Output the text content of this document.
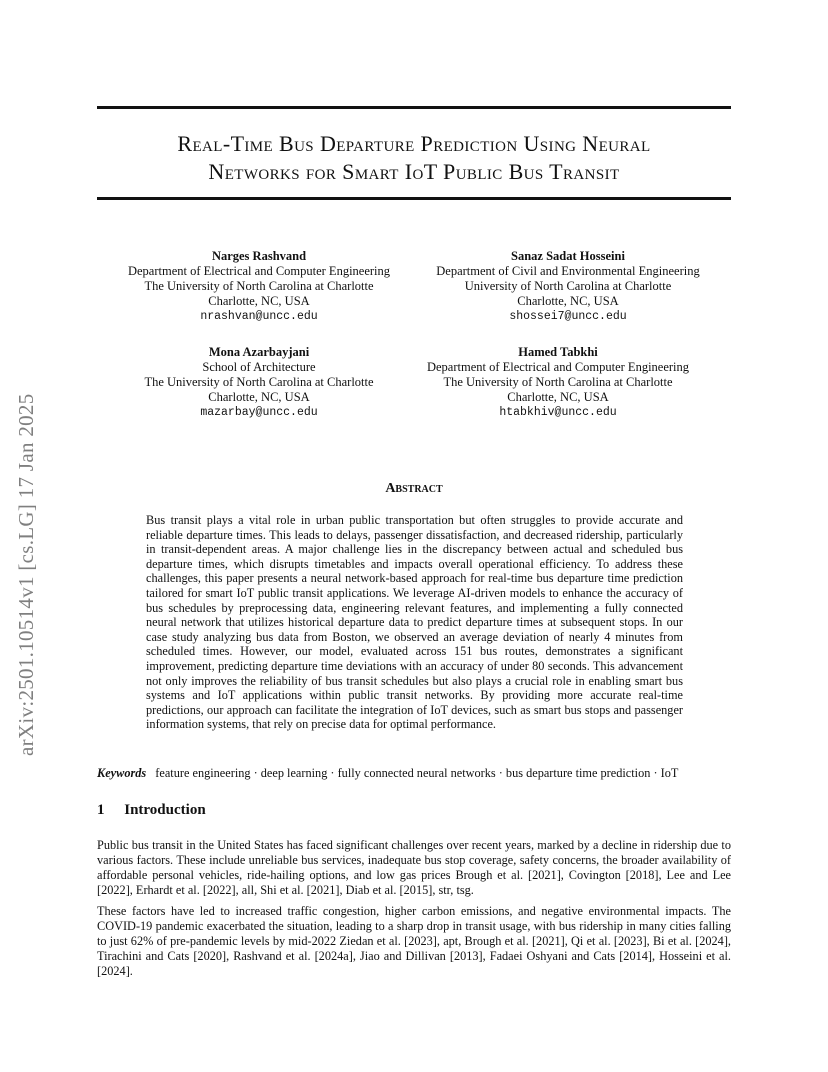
arXiv:2501.10514v1 [cs.LG] 17 Jan 2025
Real-Time Bus Departure Prediction Using Neural
Networks for Smart IoT Public Bus Transit
Narges Rashvand
Department of Electrical and Computer Engineering
The University of North Carolina at Charlotte
Charlotte, NC, USA
nrashvan@uncc.edu
Sanaz Sadat Hosseini
Department of Civil and Environmental Engineering
University of North Carolina at Charlotte
Charlotte, NC, USA
shossei7@uncc.edu
Mona Azarbayjani
School of Architecture
The University of North Carolina at Charlotte
Charlotte, NC, USA
mazarbay@uncc.edu
Hamed Tabkhi
Department of Electrical and Computer Engineering
The University of North Carolina at Charlotte
Charlotte, NC, USA
htabkhiv@uncc.edu
Abstract
Bus transit plays a vital role in urban public transportation but often struggles to provide accurate and reliable departure times. This leads to delays, passenger dissatisfaction, and decreased ridership, particularly in transit-dependent areas. A major challenge lies in the discrepancy between actual and scheduled bus departure times, which disrupts timetables and impacts overall operational efficiency. To address these challenges, this paper presents a neural network-based approach for real-time bus departure time prediction tailored for smart IoT public transit applications. We leverage AI-driven models to enhance the accuracy of bus schedules by preprocessing data, engineering relevant features, and implementing a fully connected neural network that utilizes historical departure data to predict departure times at subsequent stops. In our case study analyzing bus data from Boston, we observed an average deviation of nearly 4 minutes from scheduled times. However, our model, evaluated across 151 bus routes, demonstrates a significant improvement, predicting departure time deviations with an accuracy of under 80 seconds. This advancement not only improves the reliability of bus transit schedules but also plays a crucial role in enabling smart bus systems and IoT applications within public transit networks. By providing more accurate real-time predictions, our approach can facilitate the integration of IoT devices, such as smart bus stops and passenger information systems, that rely on precise data for optimal performance.
Keywords feature engineering · deep learning · fully connected neural networks · bus departure time prediction · IoT
1 Introduction
Public bus transit in the United States has faced significant challenges over recent years, marked by a decline in ridership due to various factors. These include unreliable bus services, inadequate bus stop coverage, safety concerns, the broader availability of affordable personal vehicles, ride-hailing options, and low gas prices Brough et al. [2021], Covington [2018], Lee and Lee [2022], Erhardt et al. [2022], all, Shi et al. [2021], Diab et al. [2015], str, tsg.
These factors have led to increased traffic congestion, higher carbon emissions, and negative environmental impacts. The COVID-19 pandemic exacerbated the situation, leading to a sharp drop in transit usage, with bus ridership in many cities falling to just 62% of pre-pandemic levels by mid-2022 Ziedan et al. [2023], apt, Brough et al. [2021], Qi et al. [2023], Bi et al. [2024], Tirachini and Cats [2020], Rashvand et al. [2024a], Jiao and Dillivan [2013], Fadaei Oshyani and Cats [2014], Hosseini et al. [2024].
